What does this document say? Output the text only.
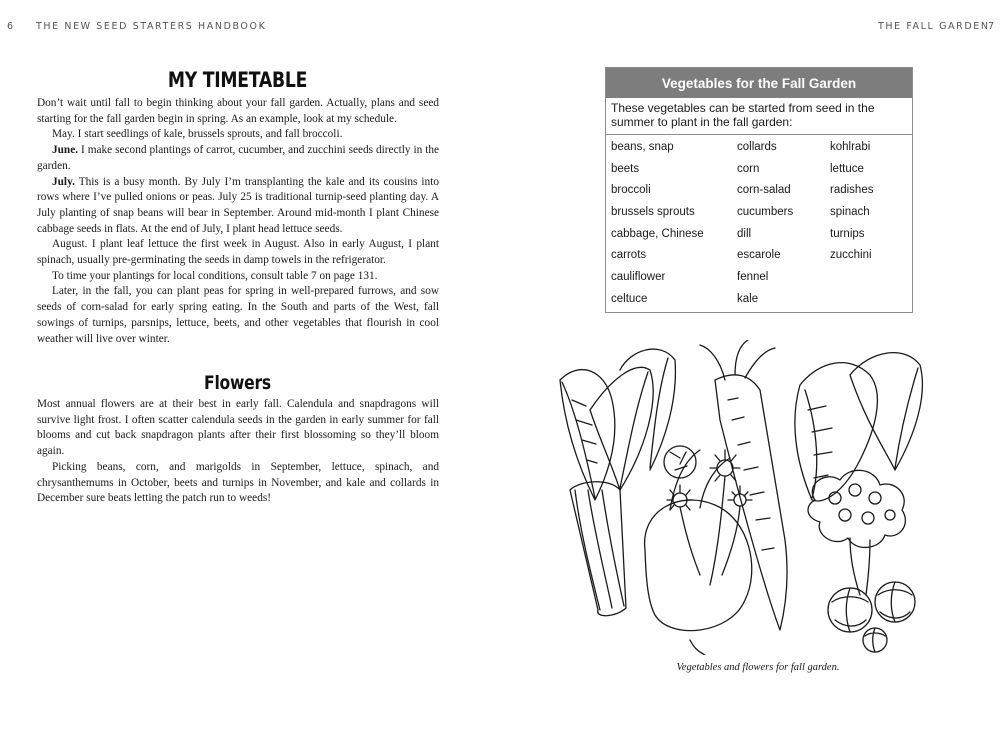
6 THE NEW SEED STARTERS HANDBOOK	THE FALL GARDEN
7
MY TIMETABLE

Don’t wait until fall to begin thinking about your fall garden. Actually, plans and seed starting for the fall garden begin in spring. As an example, look at my schedule.

May. I start seedlings of kale, brussels sprouts, and fall broccoli.

June. I make second plantings of carrot, cucumber, and zucchini seeds directly in the garden.

July. This is a busy month. By July I’m transplanting the kale and its cousins into rows where I’ve pulled onions or peas. July 25 is traditional turnip-seed planting day. A July planting of snap beans will bear in September. Around mid-month I plant Chinese cabbage seeds in flats. At the end of July, I plant head lettuce seeds.

August. I plant leaf lettuce the first week in August. Also in early August, I plant spinach, usually pre-germinating the seeds in damp towels in the refrigerator.

To time your plantings for local conditions, consult table 7 on page 131.

Later, in the fall, you can plant peas for spring in well-prepared furrows, and sow seeds of corn-salad for early spring eating. In the South and parts of the West, fall sowings of turnips, parsnips, lettuce, beets, and other vegetables that flourish in cool weather will live over winter.

Flowers

Most annual flowers are at their best in early fall. Calendula and snapdragons will survive light frost. I often scatter calendula seeds in the garden in early summer for fall blooms and cut back snapdragon plants after their first blossoming so they’ll bloom again.

Picking beans, corn, and marigolds in September, lettuce, spinach, and chrysanthemums in October, beets and turnips in November, and kale and collards in December sure beats letting the patch run to weeds!

Vegetables for the Fall Garden
These vegetables can be started from seed in the summer to plant in the fall garden:
beans, snap	collards	kohlrabi
beets	corn	lettuce
broccoli	corn-salad	radishes
brussels sprouts	cucumbers	spinach
cabbage, Chinese	dill	turnips
carrots	escarole	zucchini
cauliflower	fennel
celtuce	kale
Vegetables and flowers for fall garden.
